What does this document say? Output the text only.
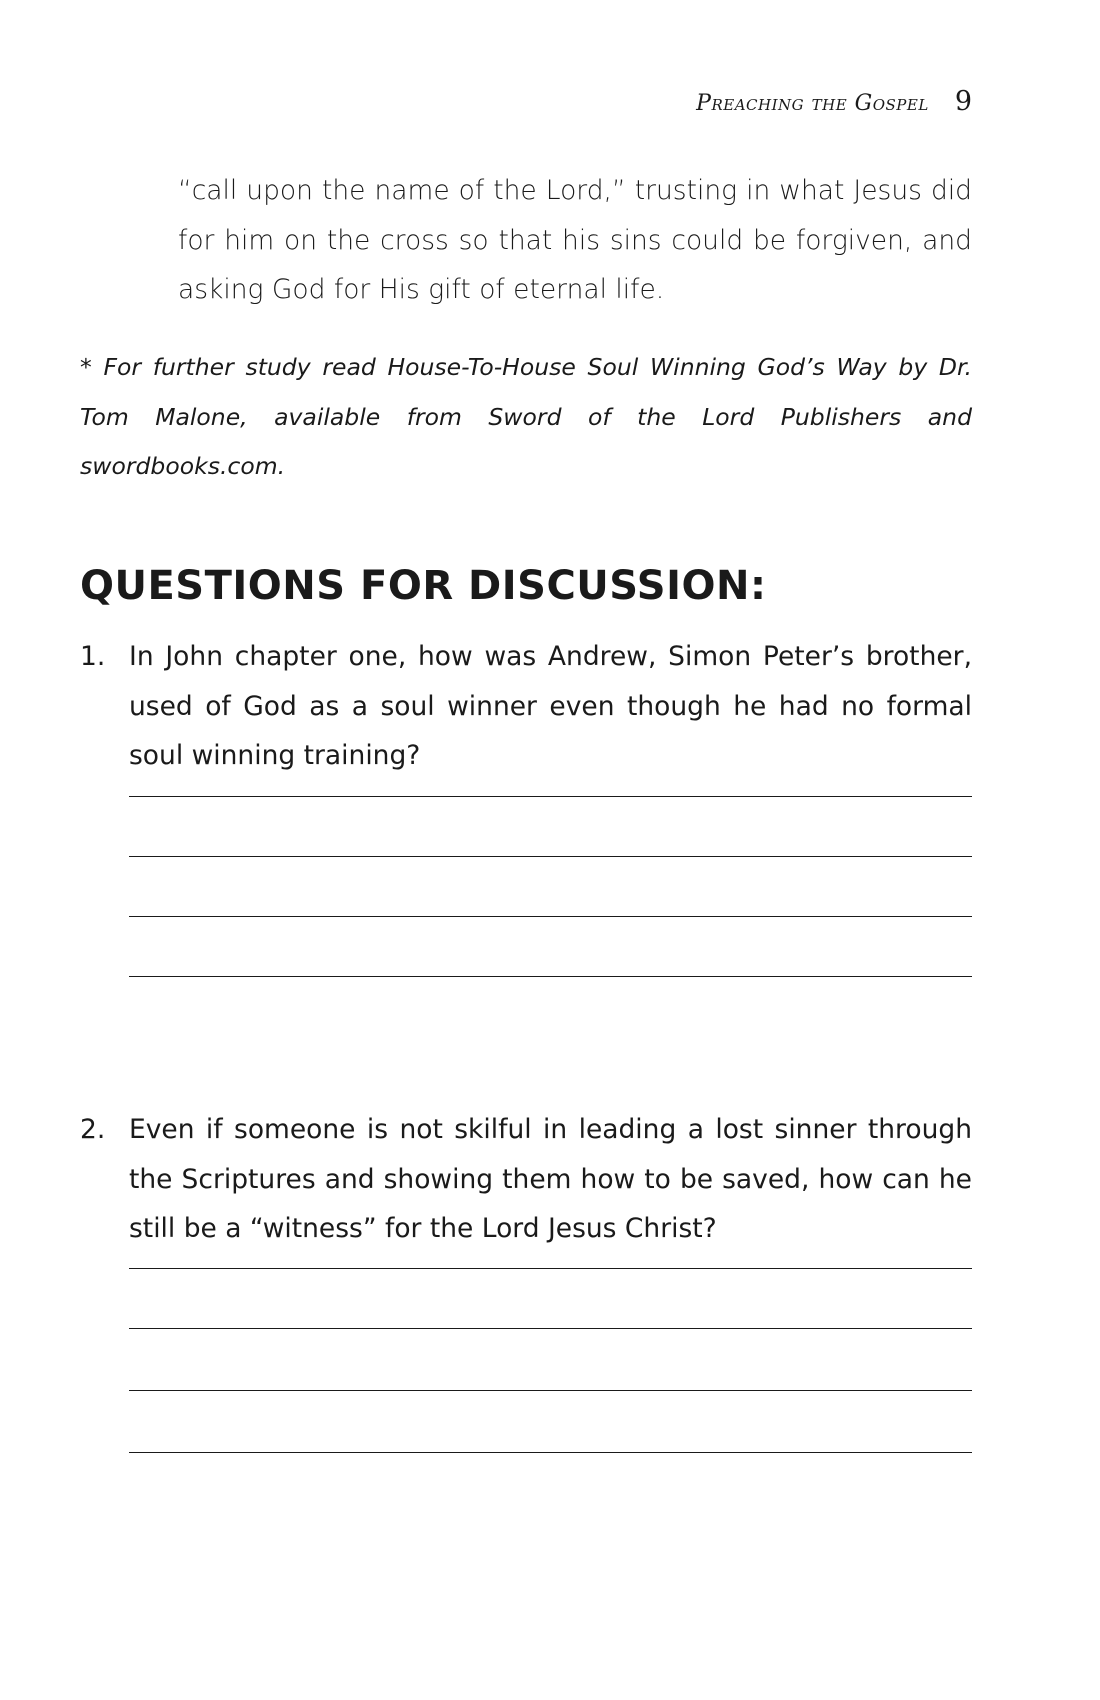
Preaching the Gospel 9

“call upon the name of the Lord,” trusting in what Jesus did for him on the cross so that his sins could be forgiven, and asking God for His gift of eternal life.

* For further study read House-To-House Soul Winning God’s Way by Dr. Tom Malone, available from Sword of the Lord Publishers and swordbooks.com.

QUESTIONS FOR DISCUSSION:
1. In John chapter one, how was Andrew, Simon Peter’s brother, used of God as a soul winner even though he had no formal soul winning training?
2. Even if someone is not skilful in leading a lost sinner through the Scriptures and showing them how to be saved, how can he still be a “witness” for the Lord Jesus Christ?
